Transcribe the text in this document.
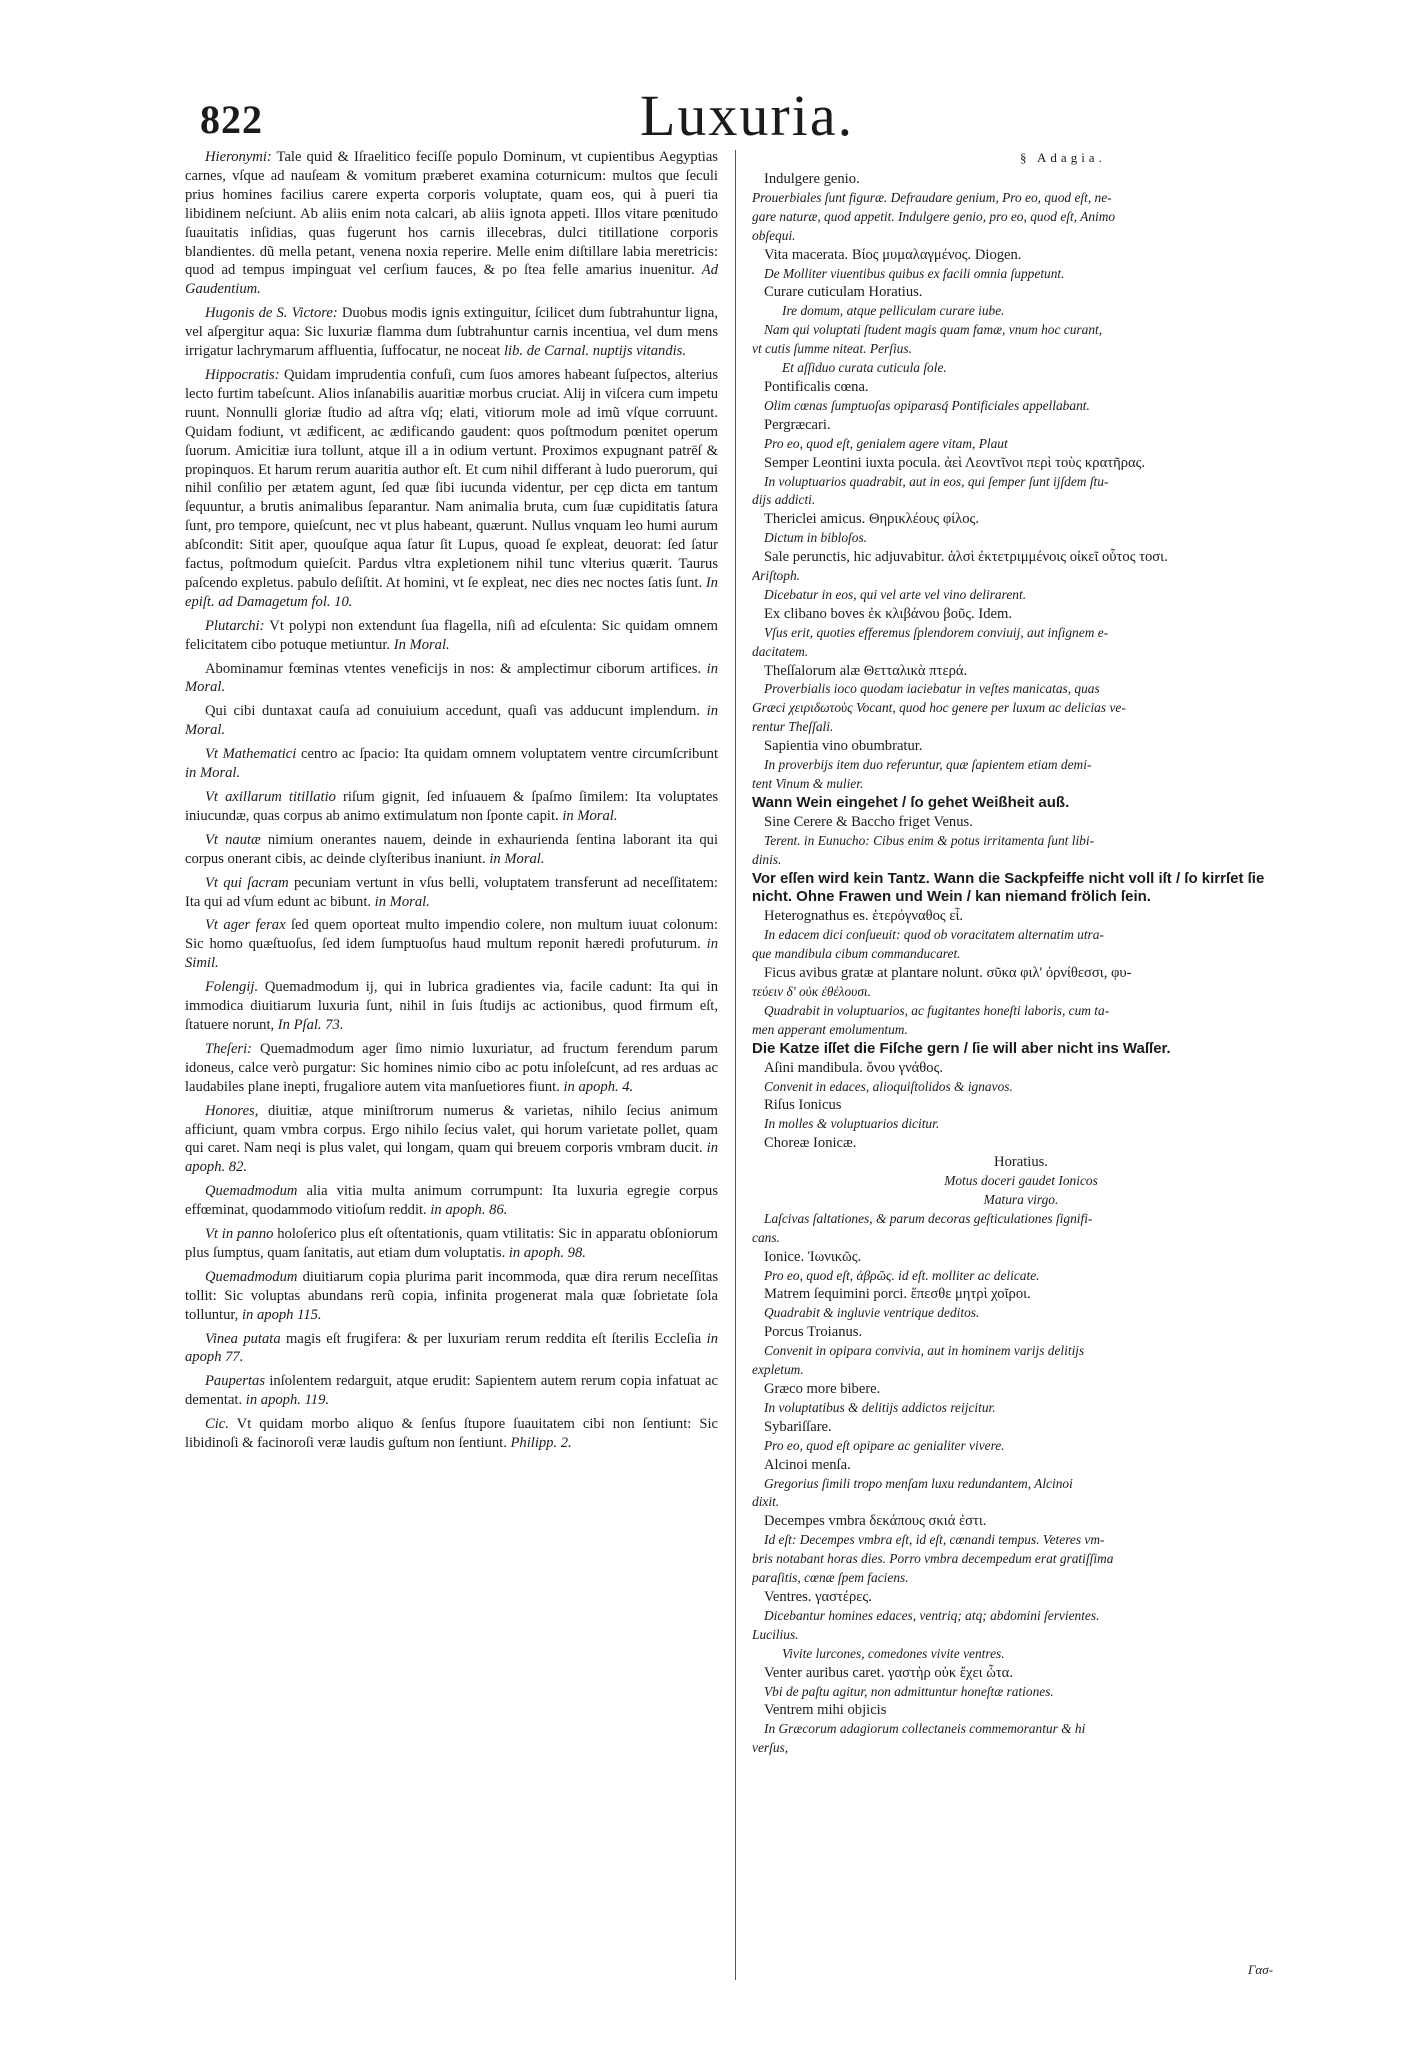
822	Luxuria.
§ Adagia.

Hieronymi: Tale quid & Iſraelitico feciſſe populo Dominum, vt cupientibus Aegyptias carnes, vſque ad nauſeam & vomitum præberet examina coturnicum: multos que ſeculi prius homines facilius carere experta corporis voluptate, quam eos, qui à pueri tia libidinem neſciunt. Ab aliis enim nota calcari, ab aliis ignota appeti. Illos vitare pœnitudo ſuauitatis inſidias, quas fugerunt hos carnis illecebras, dulci titillatione corporis blandientes. dũ mella petant, venena noxia reperire. Melle enim diſtillare labia meretricis: quod ad tempus impinguat vel cerſium fauces, & po ſtea felle amarius inuenitur. Ad Gaudentium.

Hugonis de S. Victore: Duobus modis ignis extinguitur, ſcilicet dum ſubtrahuntur ligna, vel aſpergitur aqua: Sic luxuriæ flamma dum ſubtrahuntur carnis incentiua, vel dum mens irrigatur lachrymarum affluentia, ſuffocatur, ne noceat lib. de Carnal. nuptijs vitandis.

Hippocratis: Quidam imprudentia confuſi, cum ſuos amores habeant ſuſpectos, alterius lecto furtim tabeſcunt. Alios inſanabilis auaritiæ morbus cruciat. Alij in viſcera cum impetu ruunt. Nonnulli gloriæ ſtudio ad aſtra vſq; elati, vitiorum mole ad imũ vſque corruunt. Quidam fodiunt, vt ædificent, ac ædificando gaudent: quos poſtmodum pœnitet operum ſuorum. Amicitiæ iura tollunt, atque ill a in odium vertunt. Proximos expugnant patrēſ & propinquos. Et harum rerum auaritia author eſt. Et cum nihil differant à ludo puerorum, qui nihil conſilio per ætatem agunt, ſed quæ ſibi iucunda videntur, per cęp dicta em tantum ſequuntur, a brutis animalibus ſeparantur. Nam animalia bruta, cum ſuæ cupiditatis ſatura ſunt, pro tempore, quieſcunt, nec vt plus habeant, quærunt. Nullus vnquam leo humi aurum abſcondit: Sitit aper, quouſque aqua ſatur ſit Lupus, quoad ſe expleat, deuorat: ſed ſatur factus, poſtmodum quieſcit. Pardus vltra expletionem nihil tunc vlterius quærit. Taurus paſcendo expletus. pabulo deſiſtit. At homini, vt ſe expleat, nec dies nec noctes ſatis ſunt. In epiſt. ad Damagetum fol. 10.

Plutarchi: Vt polypi non extendunt ſua flagella, niſi ad eſculenta: Sic quidam omnem felicitatem cibo potuque metiuntur. In Moral.

Abominamur fœminas vtentes veneficijs in nos: & amplectimur ciborum artifices. in Moral.

Qui cibi duntaxat cauſa ad conuiuium accedunt, quaſi vas adducunt implendum. in Moral.

Vt Mathematici centro ac ſpacio: Ita quidam omnem voluptatem ventre circumſcribunt in Moral.

Vt axillarum titillatio riſum gignit, ſed inſuauem & ſpaſmo ſimilem: Ita voluptates iniucundæ, quas corpus ab animo extimulatum non ſponte capit. in Moral.

Vt nautæ nimium onerantes nauem, deinde in exhaurienda ſentina laborant ita qui corpus onerant cibis, ac deinde clyſteribus inaniunt. in Moral.

Vt qui ſacram pecuniam vertunt in vſus belli, voluptatem transferunt ad neceſſitatem: Ita qui ad vſum edunt ac bibunt. in Moral.

Vt ager ferax ſed quem oporteat multo impendio colere, non multum iuuat colonum: Sic homo quæſtuoſus, ſed idem ſumptuoſus haud multum reponit hæredi profuturum. in Simil.

Folengij. Quemadmodum ij, qui in lubrica gradientes via, facile cadunt: Ita qui in immodica diuitiarum luxuria ſunt, nihil in ſuis ſtudijs ac actionibus, quod firmum eſt, ſtatuere norunt, In Pſal. 73.

Theſeri: Quemadmodum ager ſimo nimio luxuriatur, ad fructum ferendum parum idoneus, calce verò purgatur: Sic homines nimio cibo ac potu inſoleſcunt, ad res arduas ac laudabiles plane inepti, frugaliore autem vita manſuetiores fiunt. in apoph. 4.

Honores, diuitiæ, atque miniſtrorum numerus & varietas, nihilo ſecius animum afficiunt, quam vmbra corpus. Ergo nihilo ſecius valet, qui horum varietate pollet, quam qui caret. Nam neqi is plus valet, qui longam, quam qui breuem corporis vmbram ducit. in apoph. 82.

Quemadmodum alia vitia multa animum corrumpunt: Ita luxuria egregie corpus effœminat, quodammodo vitioſum reddit. in apoph. 86.

Vt in panno holoſerico plus eſt oſtentationis, quam vtilitatis: Sic in apparatu obſoniorum plus ſumptus, quam ſanitatis, aut etiam dum voluptatis. in apoph. 98.

Quemadmodum diuitiarum copia plurima parit incommoda, quæ dira rerum neceſſitas tollit: Sic voluptas abundans rerũ copia, infinita progenerat mala quæ ſobrietate ſola tolluntur, in apoph 115.

Vinea putata magis eſt frugifera: & per luxuriam rerum reddita eſt ſterilis Eccleſia in apoph 77.

Paupertas inſolentem redarguit, atque erudit: Sapientem autem rerum copia infatuat ac dementat. in apoph. 119.

Cic. Vt quidam morbo aliquo & ſenſus ſtupore ſuauitatem cibi non ſentiunt: Sic libidinoſi & facinoroſi veræ laudis guſtum non ſentiunt. Philipp. 2.

Indulgere genio.
Prouerbiales ſunt figuræ. Defraudare genium, Pro eo, quod eſt, ne-
gare naturæ, quod appetit. Indulgere genio, pro eo, quod eſt, Animo
obſequi.
Vita macerata. Βίος μυμαλαγμένος. Diogen.
De Molliter viuentibus quibus ex facili omnia ſuppetunt.
Curare cuticulam Horatius.
Ire domum, atque pelliculam curare iube.
Nam qui voluptati ſtudent magis quam famæ, vnum hoc curant,
vt cutis ſumme niteat. Perſius.
Et aſſiduo curata cuticula ſole.
Pontificalis cœna.
Olim cœnas ſumptuoſas opiparasq́ Pontificiales appellabant.
Pergræcari.
Pro eo, quod eſt, genialem agere vitam, Plaut
Semper Leontini iuxta pocula. ἀεὶ Λεοντῖνοι περὶ τοὺς κρατῆρας.
In voluptuarios quadrabit, aut in eos, qui ſemper ſunt ijſdem ſtu-
dijs addicti.
Thericlei amicus. Θηρικλέους φίλος.
Dictum in bibloſos.
Sale perunctis, hic adjuvabitur. ἁλσὶ ἐκτετριμμένοις οἰκεῖ οὗτος τοσι.
Ariſtoph.
Dicebatur in eos, qui vel arte vel vino delirarent.
Ex clibano boves ἐκ κλιβάνου βοῦς. Idem.
Vſus erit, quoties efferemus ſplendorem conviuij, aut inſignem e-
dacitatem.
Theſſalorum alæ Θετταλικὰ πτερά.
Proverbialis ioco quodam iaciebatur in veſtes manicatas, quas
Græci χειριδωτοὺς Vocant, quod hoc genere per luxum ac delicias ve-
rentur Theſſali.
Sapientia vino obumbratur.
In proverbijs item duo referuntur, quæ ſapientem etiam demi-
tent Vinum & mulier.
Wann Wein eingehet / ſo gehet Weißheit auß.
Sine Cerere & Baccho friget Venus.
Terent. in Eunucho: Cibus enim & potus irritamenta ſunt libi-
dinis.
Vor eſſen wird kein Tantz. Wann die Sackpfeiffe nicht voll iſt / ſo kirrſet ſie nicht. Ohne Frawen und Wein / kan niemand frölich ſein.
Heterognathus es. ἑτερόγναθος εἶ.
In edacem dici conſueuit: quod ob voracitatem alternatim utra-
que mandibula cibum commanducaret.
Ficus avibus gratæ at plantare nolunt. σῦκα φιλ' ὀρνίθεσσι, φυ-
τεύειν δ' οὐκ ἐθέλουσι.
Quadrabit in voluptuarios, ac fugitantes honeſti laboris, cum ta-
men apperant emolumentum.
Die Katze iſſet die Fiſche gern / ſie will aber nicht ins Waſſer.
Aſini mandibula. ὄνου γνάθος.
Convenit in edaces, alioquiſtolidos & ignavos.
Riſus Ionicus
In molles & voluptuarios dicitur.
Choreæ Ionicæ.
Horatius.
Motus doceri gaudet Ionicos
Matura virgo.
Laſcivas ſaltationes, & parum decoras geſticulationes ſignifi-
cans.
Ionice. Ἰωνικῶς.
Pro eo, quod eſt, ἁβρῶς. id eſt. molliter ac delicate.
Matrem ſequimini porci. ἕπεσθε μητρὶ χοῖροι.
Quadrabit & ingluvie ventrique deditos.
Porcus Troianus.
Convenit in opipara convivia, aut in hominem varijs delitijs
expletum.
Græco more bibere.
In voluptatibus & delitijs addictos reijcitur.
Sybariſſare.
Pro eo, quod eſt opipare ac genialiter vivere.
Alcinoi menſa.
Gregorius ſimili tropo menſam luxu redundantem, Alcinoi
dixit.
Decempes vmbra δεκάπους σκιά ἐστι.
Id eſt: Decempes vmbra eſt, id eſt, cœnandi tempus. Veteres vm-
bris notabant horas dies. Porro vmbra decempedum erat gratiſſima
paraſitis, cœnæ ſpem faciens.
Ventres. γαστέρες.
Dicebantur homines edaces, ventriq; atq; abdomini ſervientes.
Lucilius.
Vivite lurcones, comedones vivite ventres.
Venter auribus caret. γαστὴρ οὐκ ἔχει ὦτα.
Vbi de paſtu agitur, non admittuntur honeſtæ rationes.
Ventrem mihi objicis
In Græcorum adagiorum collectaneis commemorantur & hi
verſus,
Γασ-
